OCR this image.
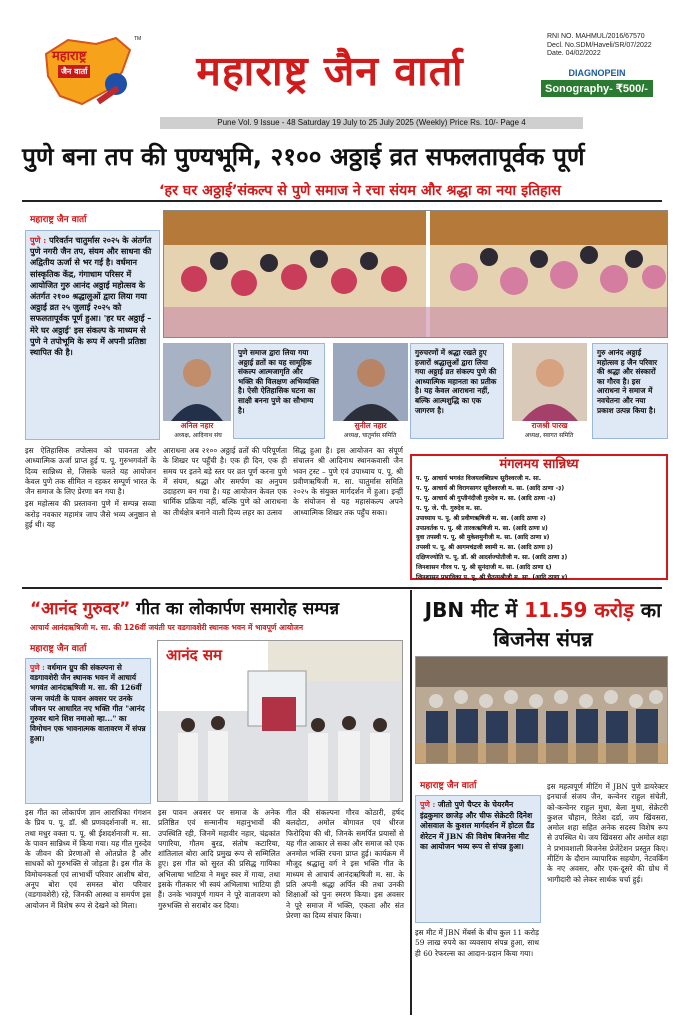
महाराष्ट्र
जैन वार्ता
TM
महाराष्ट्र जैन वार्ता
RNI NO. MAHMUL/2016/67570
Decl. No.SDM/Haveli/SR/07/2022
Date. 04/02/2022
DIAGNOPEIN
Sonography- ₹500/-
Pune Vol. 9 Issue - 48 Saturday 19 July to 25 July 2025 (Weekly) Price Rs. 10/- Page 4
पुणे बना तप की पुण्यभूमि, २१०० अठ्ठाई व्रत सफलतापूर्वक पूर्ण
‘हर घर अठ्ठाई’संकल्प से पुणे समाज ने रचा संयम और श्रद्धा का नया इतिहास
महाराष्ट्र जैन वार्ता
पुणे : परिवर्तन चातुर्मास २०२५ के अंतर्गत पुणे नगरी जैन तप, संयम और साधना की अद्वितीय ऊर्जा से भर गई है। वर्धमान सांस्कृतिक केंद्र, गंगाधाम परिसर में आयोजित गुरु आनंद अठ्ठाई महोत्सव के अंतर्गत २१०० श्रद्धालुओं द्वारा लिया गया अठ्ठाई व्रत २५ जुलाई २०२५ को सफलतापूर्वक पूर्ण हुआ। 'हर घर अठ्ठाई – मेरे घर अठ्ठाई' इस संकल्प के माध्यम से पुणे ने तपोभूमि के रूप में अपनी प्रतिष्ठा स्थापित की है।
अनिल नहार
अध्यक्ष, आदिनाथ संघ
पुणे समाज द्वारा लिया गया अठ्ठाई व्रतों का यह सामूहिक संकल्प आत्मजागृति और भक्ति की विलक्षण अभिव्यक्ति है। ऐसी ऐतिहासिक घटना का साक्षी बनना पुणे का सौभाग्य है।
सुनील नहार
अध्यक्ष, चातुर्मास समिति
गुरुचरणों में श्रद्धा रखते हुए हजारों श्रद्धालुओं द्वारा लिया गया अठ्ठाई व्रत संकल्प पुणे की आध्यात्मिक महानता का प्रतीक है। यह केवल आराधना नहीं, बल्कि आत्मशुद्धि का एक जागरण है।
राजश्री पारख
अध्यक्ष, स्वागत समिति
गुरु आनंद अठ्ठाई महोत्सव ह जैन परिवार की श्रद्धा और संस्कारों का गौरव है। इस आराधना ने समाज में नवचेतना और नया प्रकाश उत्पन्न किया है।

इस ऐतिहासिक तपोत्सव को पावनता और आध्यात्मिक ऊर्जा प्राप्त हुई प. पू. गुरुभगवंतों के दिव्य सान्निध्य से, जिसके चलते यह आयोजन केवल पुणे तक सीमित न रहकर सम्पूर्ण भारत के जैन समाज के लिए प्रेरणा बन गया है।

इस महोत्सव की प्रस्तावना पुणे में सम्पन्न सव्वा करोड़ नवकार महामंत्र जाप जैसे भव्य अनुष्ठान से हुई थी। यह

आराधना अब २१०० अठ्ठाई व्रतों की परिपूर्णता के शिखर पर पहुँची है। एक ही दिन, एक ही समय पर इतने बड़े स्तर पर व्रत पूर्ण करना पुणे में संयम, श्रद्धा और समर्पण का अनुपम उदाहरण बन गया है। यह आयोजन केवल एक धार्मिक प्रक्रिया नहीं, बल्कि पुणे को आराधना का तीर्थक्षेत्र बनाने वाली दिव्य लहर का उत्सव
सिद्ध हुआ है। इस आयोजन का संपूर्ण संचालन श्री आदिनाथ स्थानकवासी जैन भवन ट्रस्ट – पुणे एवं उपाध्याय प. पू. श्री प्रवीणऋषिजी म. सा. चातुर्मास समिति २०२५ के संयुक्त मार्गदर्शन में हुआ। इन्हीं के संयोजन से यह महासंकल्प अपने आध्यात्मिक शिखर तक पहुँच सका।
मंगलमय सान्निध्य
प. पू. आचार्य भगवंत विजयलब्धिप्रभ सूरीश्वरजी म. सा.
प. पू. आचार्य श्री विरागसागर सूरीश्वरजी म. सा. (आदि ठाणा -३)
प. पू. आचार्य श्री गुप्तीनंदीजी गुरुदेव म. सा. (आदि ठाणा -३)
प. पू. जे. पी. गुरुदेव म. सा.
उपाध्याय प. पू. श्री प्रवीणऋषिजी म. सा. (आदि ठाणा २)
उपप्रवर्तक प. पू. श्री तारकऋषिजी म. सा. (आदि ठाणा ४)
युवा तपस्वी प. पू. श्री मुकेशमुनीजी म. सा. (आदि ठाणा ४)
तपस्वी प. पू. श्री आगमचंद्रजी स्वामी म. सा. (आदि ठाणा ३)
दक्षिणज्योति प. पू. डॉ. श्री आदर्शज्योतीजी म. सा. (आदि ठाणा ३)
जिनशासन गौरव प. पू. श्री सुनंदाजी म. सा. (आदि ठाणा ६)
जिनशासन प्रभाविका प. पू. श्री चैतन्यश्रीजी म. सा. (आदि ठाणा ४)
“आनंद गुरुवर” गीत का लोकार्पण समारोह सम्पन्न
आचार्य आनंदऋषिजी म. सा. की 126वीं जयंती पर वडगावशेरी स्थानक भवन में भावपूर्ण आयोजन
महाराष्ट्र जैन वार्ता
पुणे : वर्धमान ग्रुप की संकल्पना से वडगावशेरी जैन स्थानक भवन में आचार्य भगवंत आनंदऋषिजी म. सा. की 126वीं जन्म जयंती के पावन अवसर पर उनके जीवन पर आधारित नए भक्ति गीत "आनंद गुरुवर थाने शिश नमाओ म्हा..." का विमोचन एक भावनात्मक वातावरण में संपन्न हुआ।
आनंद सम
इस गीत का लोकार्पण ज्ञान आराधिका गंगशन के प्रिय प. पू. डॉ. श्री प्रणवदर्शनाजी म. सा. तथा मधुर वक्ता प. पू. श्री ईशदर्शनाजी म. सा. के पावन सान्निध्य में किया गया। यह गीत गुरुदेव के जीवन की प्रेरणाओं से ओतप्रोत है और साधकों को गुरुभक्ति से जोड़ता है। इस गीत के विमोचनकर्ता एवं लाभार्थी परिवार आशीष बोरा, अनूप बोरा एवं समस्त बोरा परिवार (वडगावशेरी) रहे, जिनकी आस्था व समर्पण इस आयोजन में विशेष रूप से देखने को मिला।
इस पावन अवसर पर समाज के अनेक प्रतिष्ठित एवं सन्मानीय महानुभावों की उपस्थिति रही, जिनमें महावीर नहार, चंद्रकांत पगारिया, गौतम बुरड, संतोष कटारिया, शांतिलाल बोरा आदि प्रमुख रूप से सम्मिलित हुए। इस गीत को सुरत की प्रसिद्ध गायिका अभिलाषा भाटिया ने मधुर स्वर में गाया, तथा इसके गीतकार भी स्वयं अभिलाषा भाटिया ही हैं। उनके भावपूर्ण गायन ने पूरे वातावरण को गुरुभक्ति से सराबोर कर दिया।
गीत की संकल्पना गौरव कोठारी, हर्षद बलदोटा, अमोल बोगावत एवं धीरज फिरोदिया की थी, जिनके समर्पित प्रयासों से यह गीत आकार ले सका और समाज को एक अनमोल भक्ति रचना प्राप्त हुई। कार्यक्रम में मौजूद श्रद्धालु वर्ग ने इस भक्ति गीत के माध्यम से आचार्य आनंदऋषिजी म. सा. के प्रति अपनी श्रद्धा अर्पित की तथा उनकी शिक्षाओं को पुनः स्मरण किया। इस अवसर ने पूरे समाज में भक्ति, एकता और संत प्रेरणा का दिव्य संचार किया।
JBN मीट में 11.59 करोड़ का
बिजनेस संपन्न
महाराष्ट्र जैन वार्ता
पुणे : जीतो पुणे चैप्टर के चेयरमैन इंद्रकुमार छाजेड़ और चीफ सेक्रेटरी दिनेश ओसवाल के कुशल मार्गदर्शन में होटल ग्रैंड शेरेटन में JBN की विशेष बिजनेस मीट का आयोजन भव्य रूप से संपन्न हुआ।
इस मीट में JBN मेंबर्स के बीच कुल 11 करोड़ 59 लाख रुपये का व्यवसाय संपन्न हुआ, साथ ही 60 रेफरल्स का आदान-प्रदान किया गया।
इस महत्वपूर्ण मीटिंग में JBN पुणे डायरेक्टर इनचार्ज संजय जैन, कन्वेनर राहुल संचेती, को-कन्वेनर राहुल मुथा, बेला मुथा, सेक्रेटरी कुशल चौहान, रितेश दर्डा, जय खिंवसरा, अमोल शहा सहित अनेक सदस्य विशेष रूप से उपस्थित थे। जय खिंवसरा और अमोल शहा ने प्रभावशाली बिजनेस प्रेजेंटेशन प्रस्तुत किए। मीटिंग के दौरान व्यापारिक सहयोग, नेटवर्किंग के नए अवसर, और एक-दूसरे की ग्रोथ में भागीदारी को लेकर सार्थक चर्चा हुई।
